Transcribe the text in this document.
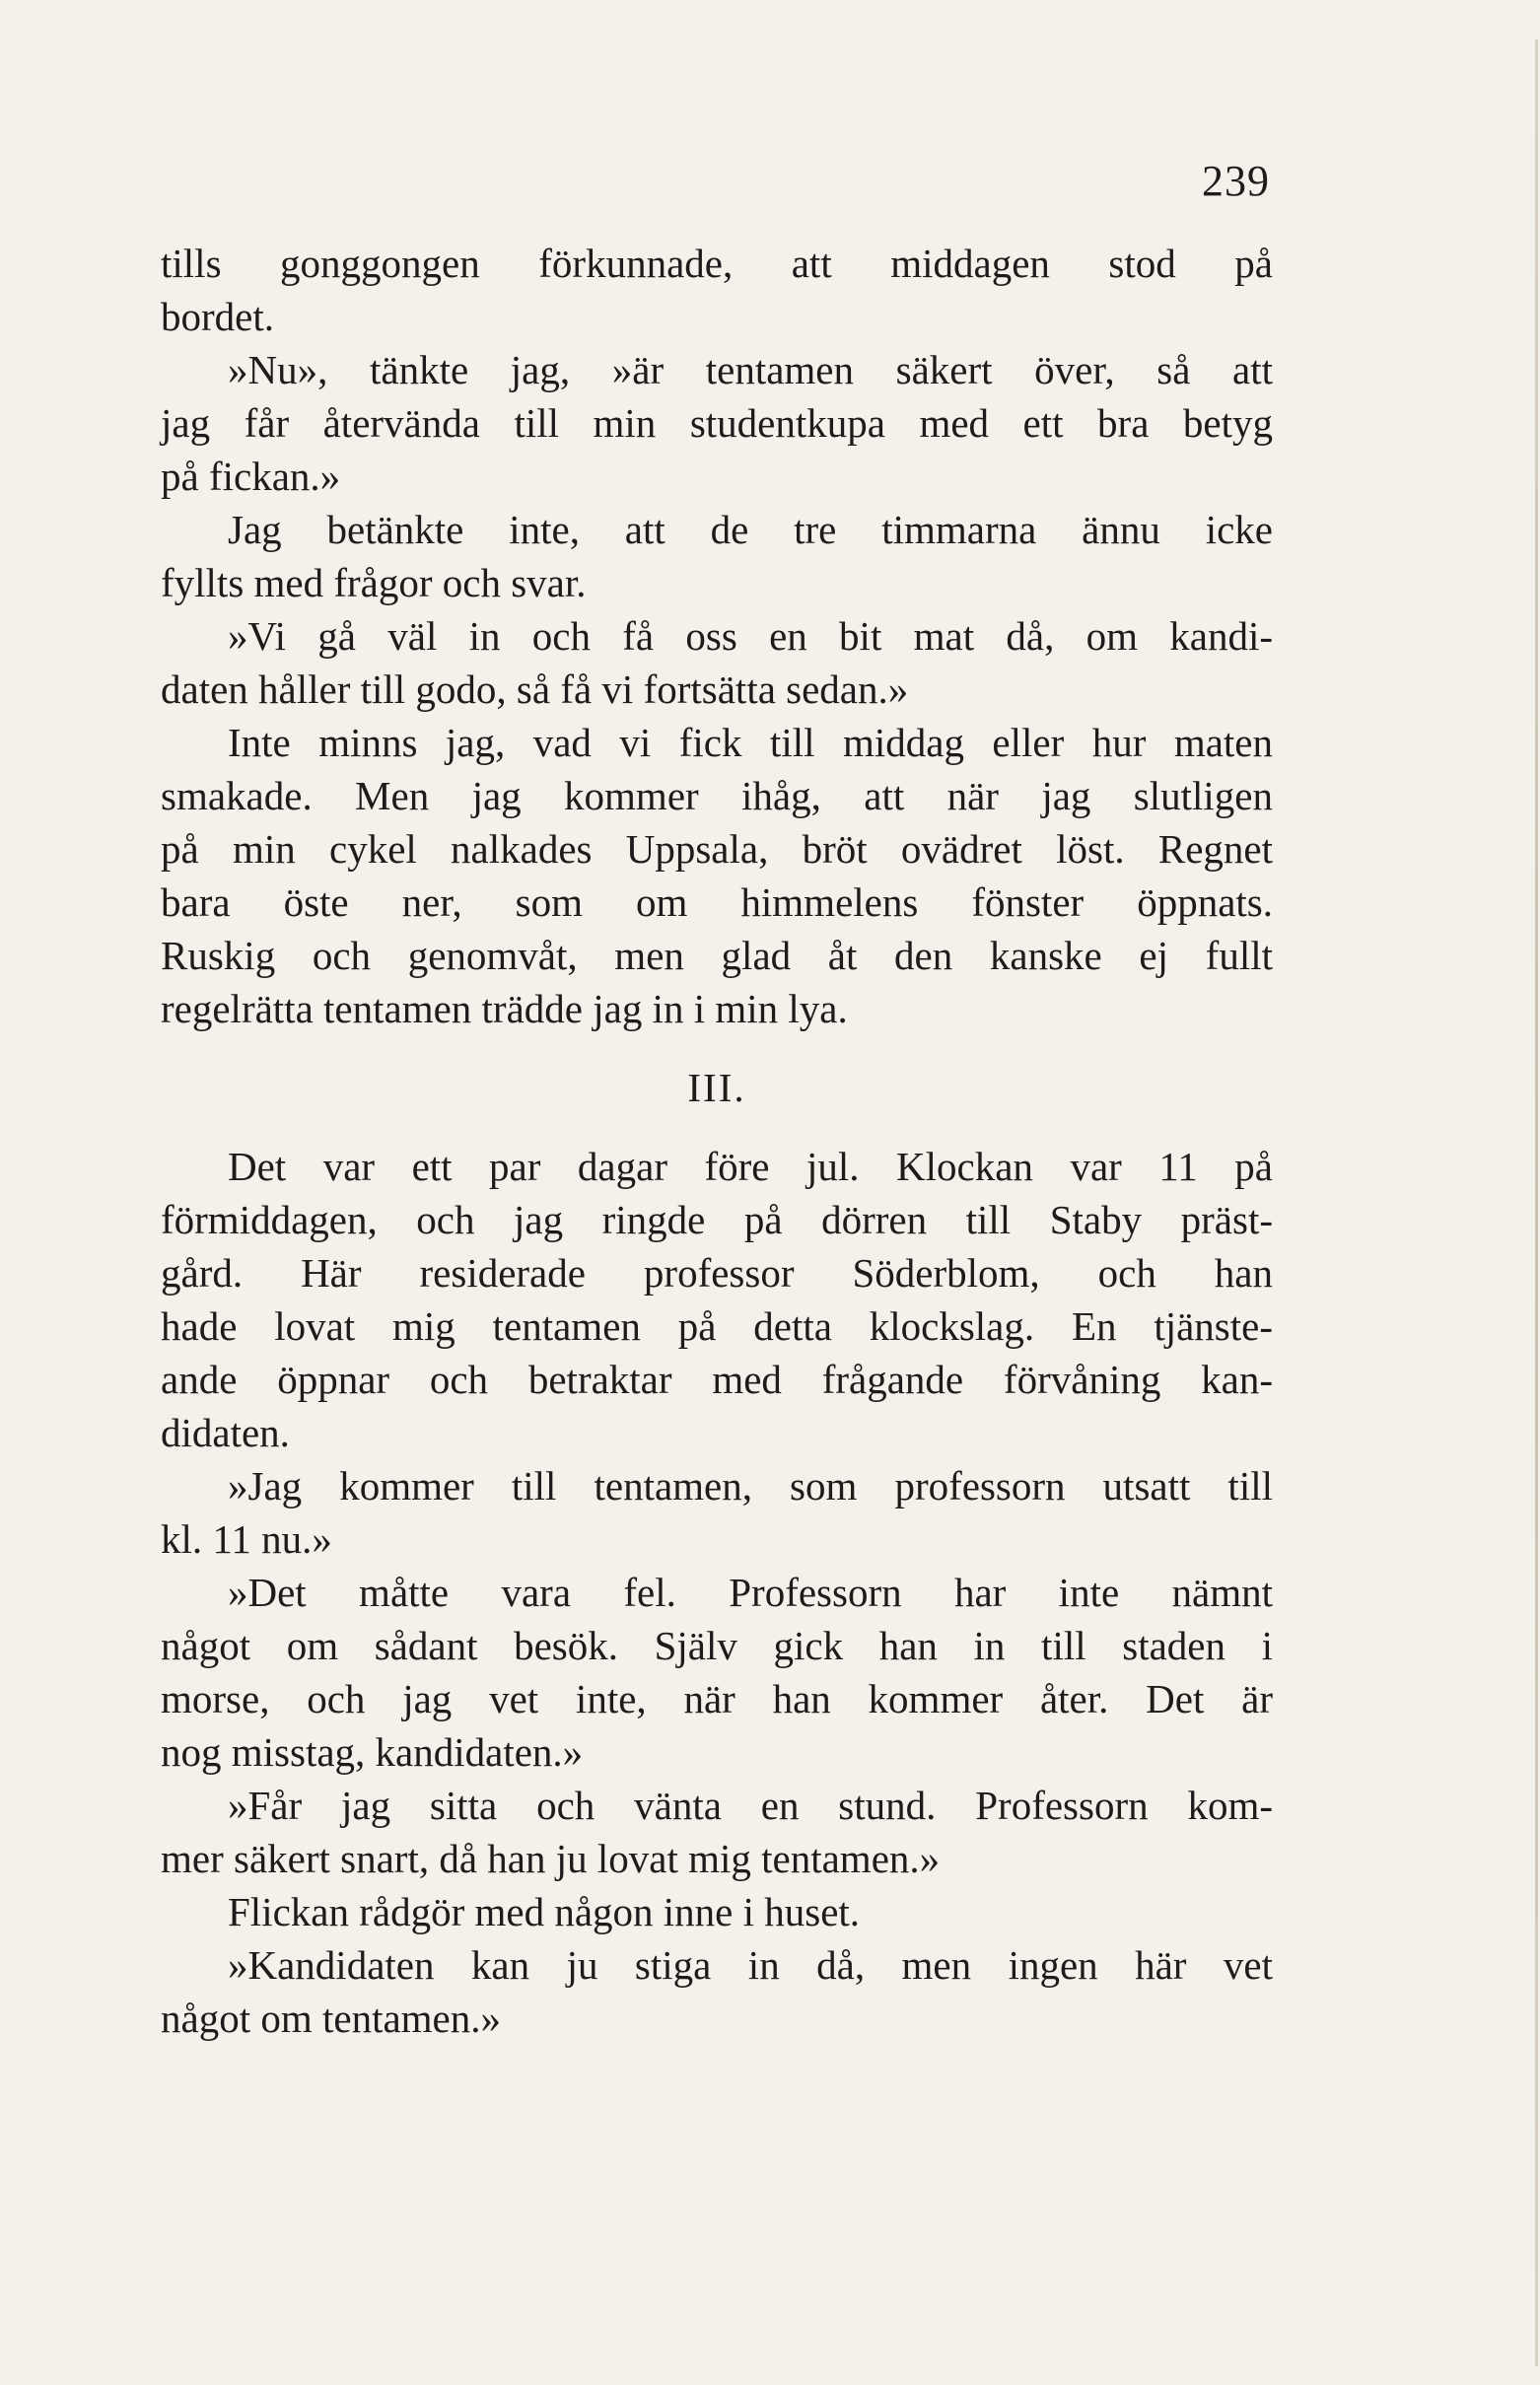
239
tills gonggongen förkunnade, att middagen stod på
bordet.
»Nu», tänkte jag, »är tentamen säkert över, så att
jag får återvända till min studentkupa med ett bra betyg
på fickan.»
Jag betänkte inte, att de tre timmarna ännu icke
fyllts med frågor och svar.
»Vi gå väl in och få oss en bit mat då, om kandi-
daten håller till godo, så få vi fortsätta sedan.»
Inte minns jag, vad vi fick till middag eller hur maten
smakade. Men jag kommer ihåg, att när jag slutligen
på min cykel nalkades Uppsala, bröt ovädret löst. Regnet
bara öste ner, som om himmelens fönster öppnats.
Ruskig och genomvåt, men glad åt den kanske ej fullt
regelrätta tentamen trädde jag in i min lya.
III.
Det var ett par dagar före jul. Klockan var 11 på
förmiddagen, och jag ringde på dörren till Staby präst-
gård. Här residerade professor Söderblom, och han
hade lovat mig tentamen på detta klockslag. En tjänste-
ande öppnar och betraktar med frågande förvåning kan-
didaten.
»Jag kommer till tentamen, som professorn utsatt till
kl. 11 nu.»
»Det måtte vara fel. Professorn har inte nämnt
något om sådant besök. Själv gick han in till staden i
morse, och jag vet inte, när han kommer åter. Det är
nog misstag, kandidaten.»
»Får jag sitta och vänta en stund. Professorn kom-
mer säkert snart, då han ju lovat mig tentamen.»
Flickan rådgör med någon inne i huset.
»Kandidaten kan ju stiga in då, men ingen här vet
något om tentamen.»
